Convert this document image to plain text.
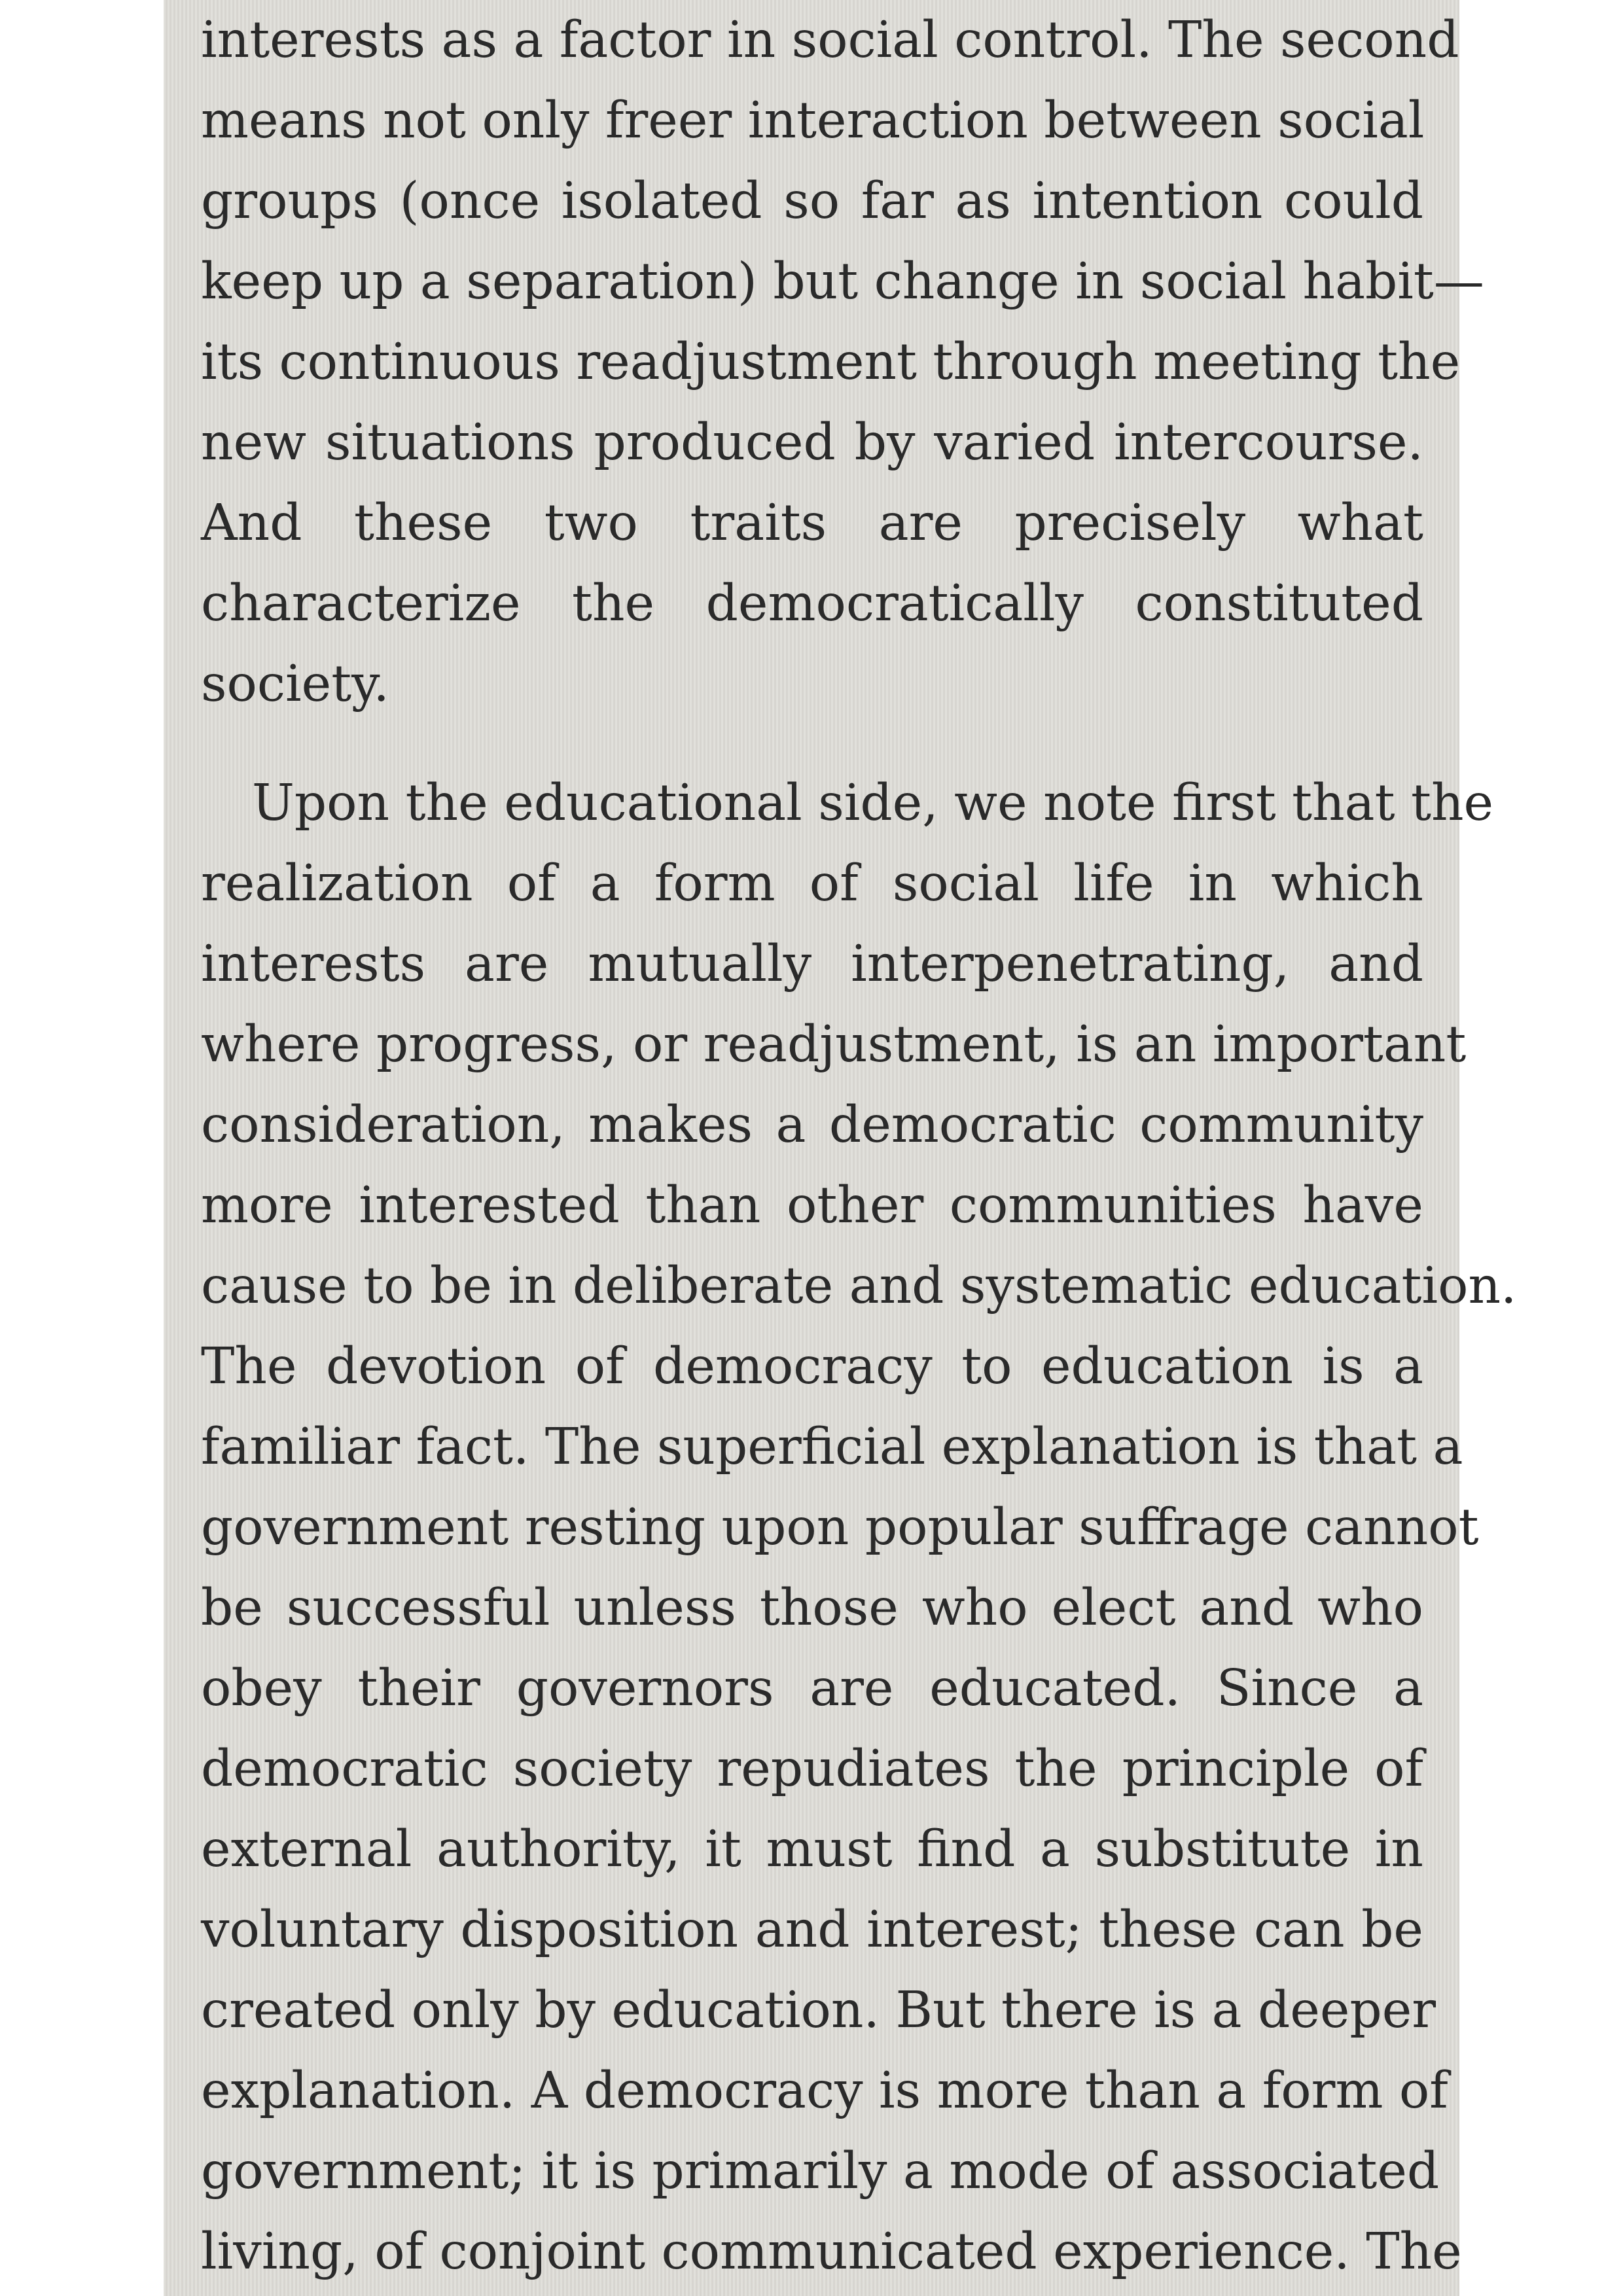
interests as a factor in social control. The second
means not only freer interaction between social
groups (once isolated so far as intention could
keep up a separation) but change in social habit—
its continuous readjustment through meeting the
new situations produced by varied intercourse.
And these two traits are precisely what
characterize the democratically constituted
society.
Upon the educational side, we note first that the
realization of a form of social life in which
interests are mutually interpenetrating, and
where progress, or readjustment, is an important
consideration, makes a democratic community
more interested than other communities have
cause to be in deliberate and systematic education.
The devotion of democracy to education is a
familiar fact. The superficial explanation is that a
government resting upon popular suffrage cannot
be successful unless those who elect and who
obey their governors are educated. Since a
democratic society repudiates the principle of
external authority, it must find a substitute in
voluntary disposition and interest; these can be
created only by education. But there is a deeper
explanation. A democracy is more than a form of
government; it is primarily a mode of associated
living, of conjoint communicated experience. The
